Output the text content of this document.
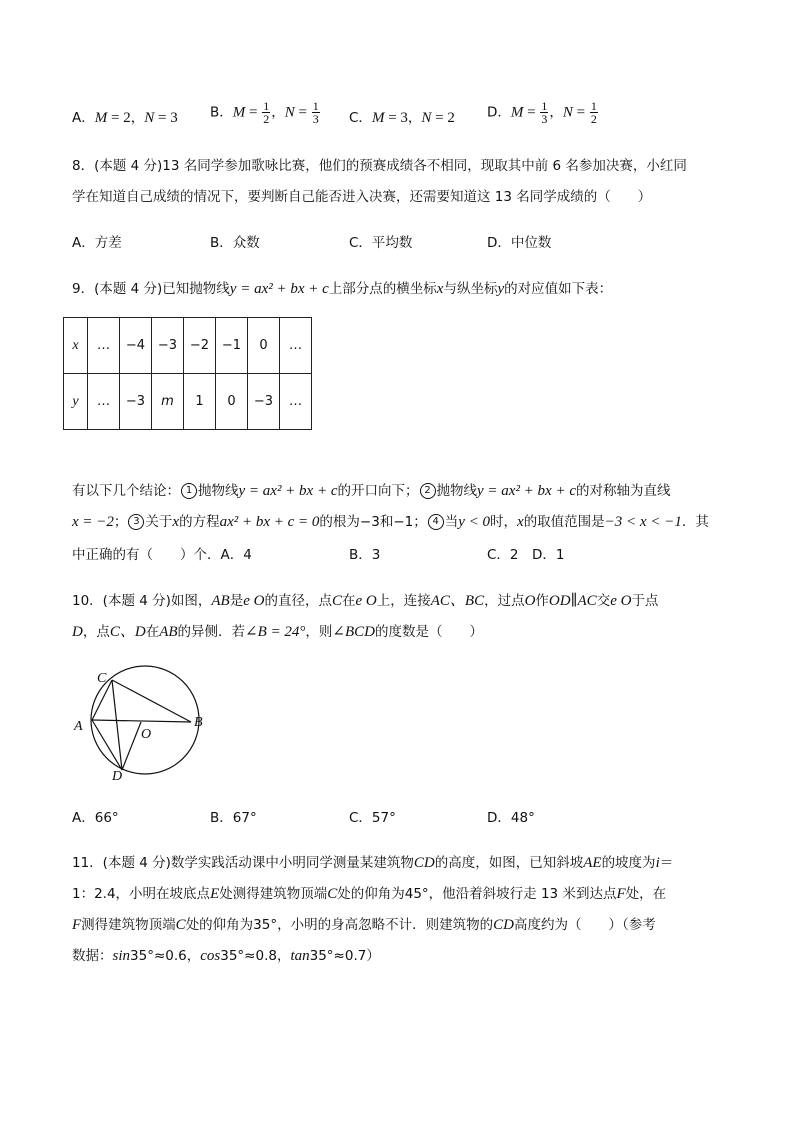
A．M = 2，N = 3 B．$M = \frac{1}{2}$ ，$N = \frac{1}{3}$ C．M = 3，N = 2 D．$M = \frac{1}{3}$ ，$N = \frac{1}{2}$
8．(本题 4 分)13 名同学参加歌咏比赛，他们的预赛成绩各不相同，现取其中前 6 名参加决赛，小红同
学在知道自己成绩的情况下，要判断自己能否进入决赛，还需要知道这 13 名同学成绩的（　　）
A．方差	B．众数	C．平均数	D．中位数
9．(本题 4 分)已知抛物线y = ax² + bx + c上部分点的横坐标x与纵坐标y的对应值如下表：
x	…	−4	−3	−2	−1	0	…
y	…	−3	m	1	0	−3	…
有以下几个结论： 1 抛物线y = ax² + bx + c的开口向下； 2 抛物线y = ax² + bx + c的对称轴为直线
x = −2； 3 关于x的方程ax² + bx + c = 0的根为−3和−1； 4 当y < 0时，x的取值范围是−3 < x < −1．其
中正确的有（　　）个．A．4	B．3	C．2　D．1
10．(本题 4 分)如图，AB是e O的直径，点C在e O上，连接AC、BC，过点O作OD∥AC交e O于点
D，点C、D在AB的异侧．若∠B = 24°，则∠BCD的度数是（　　）
C
A	B
O
D
A．66°	B．67°	C．57°	D．48°
11．(本题 4 分)数学实践活动课中小明同学测量某建筑物CD的高度，如图，已知斜坡AE的坡度为i＝
1：2.4，小明在坡底点E处测得建筑物顶端C处的仰角为45°，他沿着斜坡行走 13 米到达点F处，在
F测得建筑物顶端C处的仰角为35°，小明的身高忽略不计．则建筑物的CD高度约为（　　）（参考
数据：sin35°≈0.6，cos35°≈0.8，tan35°≈0.7）
